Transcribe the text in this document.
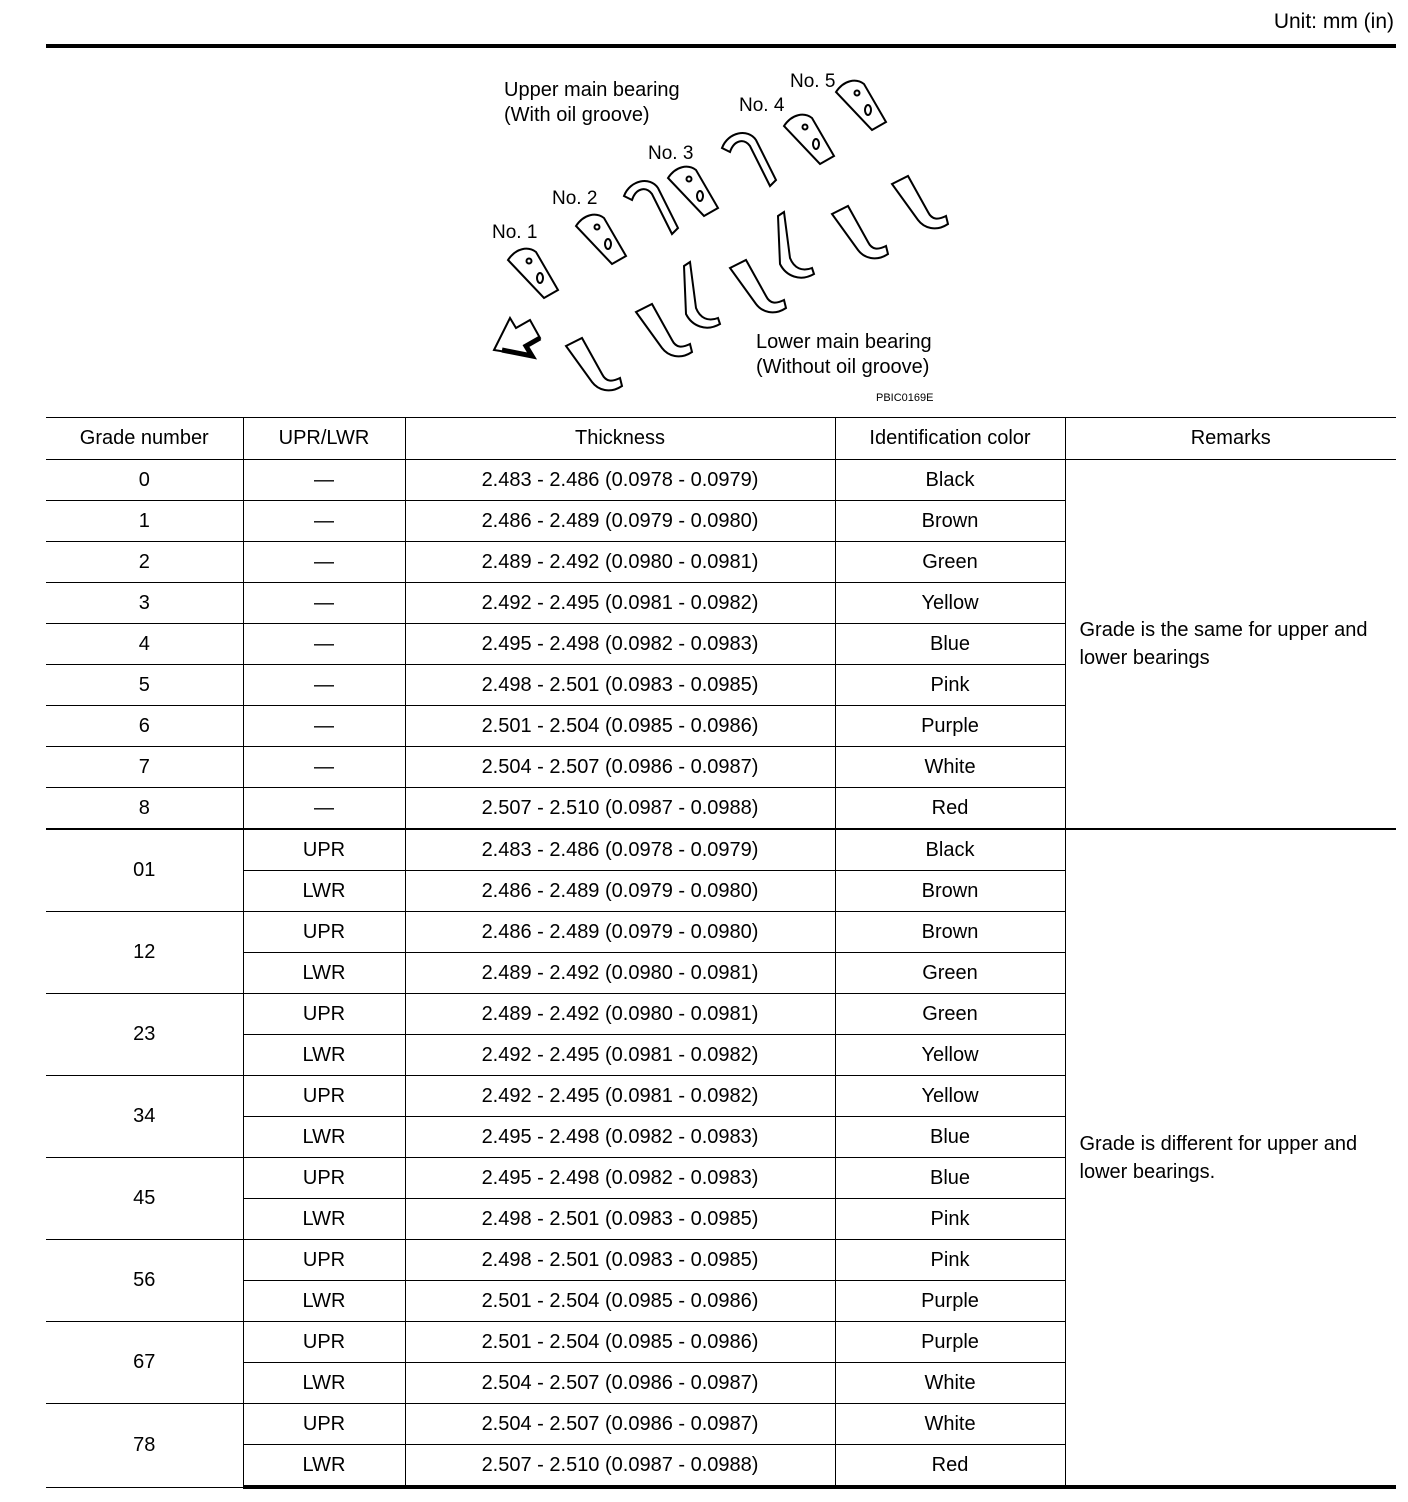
Unit: mm (in)
Upper main bearing
(With oil groove)
Lower main bearing
(Without oil groove)
No. 1
No. 2
No. 3
No. 4
No. 5
PBIC0169E
Grade number	UPR/LWR	Thickness	Identification color	Remarks
0	—	2.483 - 2.486 (0.0978 - 0.0979)	Black	Grade is the same for upper and lower bearings
1	—	2.486 - 2.489 (0.0979 - 0.0980)	Brown	
2	—	2.489 - 2.492 (0.0980 - 0.0981)	Green	
3	—	2.492 - 2.495 (0.0981 - 0.0982)	Yellow	
4	—	2.495 - 2.498 (0.0982 - 0.0983)	Blue	
5	—	2.498 - 2.501 (0.0983 - 0.0985)	Pink	
6	—	2.501 - 2.504 (0.0985 - 0.0986)	Purple	
7	—	2.504 - 2.507 (0.0986 - 0.0987)	White	
8	—	2.507 - 2.510 (0.0987 - 0.0988)	Red	
01	UPR	2.483 - 2.486 (0.0978 - 0.0979)	Black	Grade is different for upper and lower bearings.
	LWR	2.486 - 2.489 (0.0979 - 0.0980)	Brown	
12	UPR	2.486 - 2.489 (0.0979 - 0.0980)	Brown	
	LWR	2.489 - 2.492 (0.0980 - 0.0981)	Green	
23	UPR	2.489 - 2.492 (0.0980 - 0.0981)	Green	
	LWR	2.492 - 2.495 (0.0981 - 0.0982)	Yellow	
34	UPR	2.492 - 2.495 (0.0981 - 0.0982)	Yellow	
	LWR	2.495 - 2.498 (0.0982 - 0.0983)	Blue	
45	UPR	2.495 - 2.498 (0.0982 - 0.0983)	Blue	
	LWR	2.498 - 2.501 (0.0983 - 0.0985)	Pink	
56	UPR	2.498 - 2.501 (0.0983 - 0.0985)	Pink	
	LWR	2.501 - 2.504 (0.0985 - 0.0986)	Purple	
67	UPR	2.501 - 2.504 (0.0985 - 0.0986)	Purple	
	LWR	2.504 - 2.507 (0.0986 - 0.0987)	White	
78	UPR	2.504 - 2.507 (0.0986 - 0.0987)	White	
	LWR	2.507 - 2.510 (0.0987 - 0.0988)	Red	
